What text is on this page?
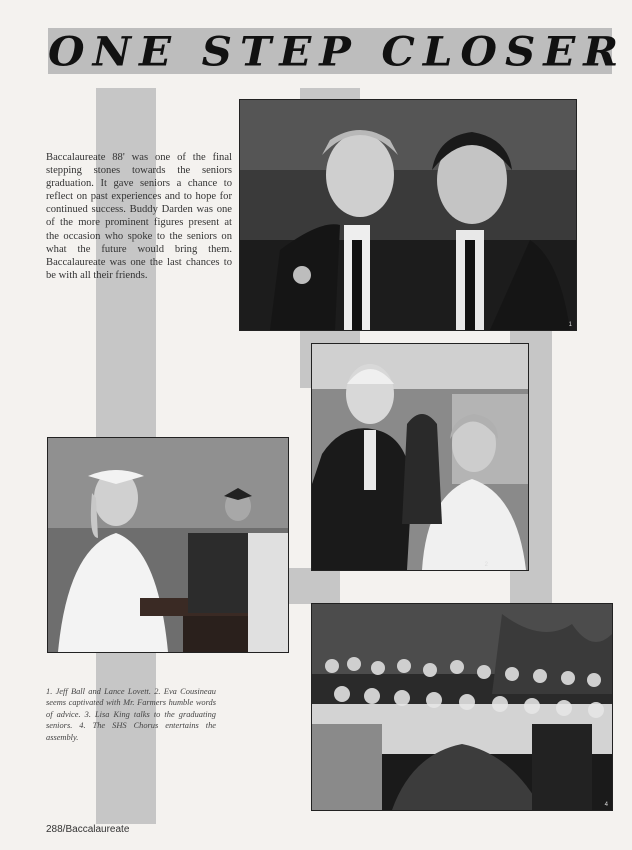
ONE STEP CLOSER
Baccalaureate 88' was one of the final stepping stones towards the seniors graduation. It gave seniors a chance to reflect on past experiences and to hope for continued success. Buddy Darden was one of the more prominent figures present at the occasion who spoke to the seniors on what the future would bring them. Baccalaureate was one the last chances to be with all their friends.
1
2
3
4
1. Jeff Ball and Lance Lovett. 2. Eva Cousineau seems captivated with Mr. Farmers humble words of advice. 3. Lisa King talks to the graduating seniors. 4. The SHS Chorus entertains the assembly.
288/Baccalaureate
